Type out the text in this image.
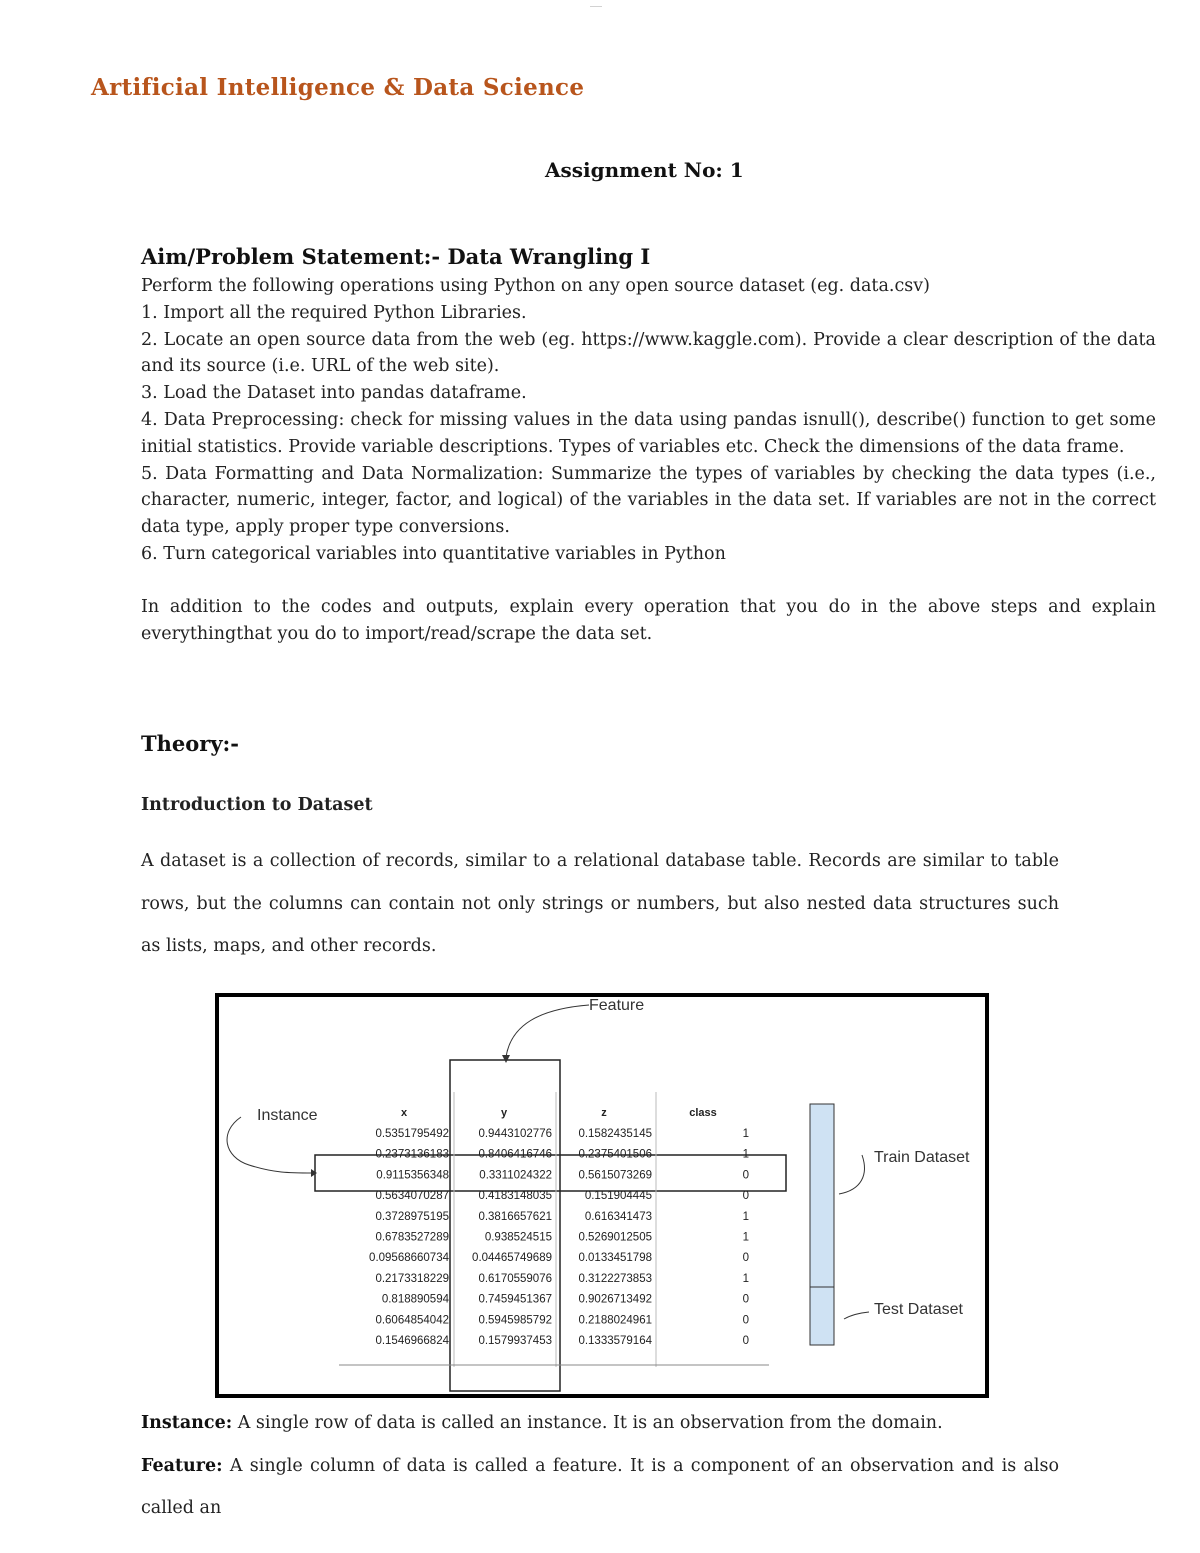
____
Artificial Intelligence & Data Science
Assignment No: 1
Aim/Problem Statement:- Data Wrangling I

Perform the following operations using Python on any open source dataset (eg. data.csv)

1. Import all the required Python Libraries.

2. Locate an open source data from the web (eg. https://www.kaggle.com). Provide a clear description of the data and its source (i.e. URL of the web site).

3. Load the Dataset into pandas dataframe.

4. Data Preprocessing: check for missing values in the data using pandas isnull(), describe() function to get some initial statistics. Provide variable descriptions. Types of variables etc. Check the dimensions of the data frame.

5. Data Formatting and Data Normalization: Summarize the types of variables by checking the data types (i.e., character, numeric, integer, factor, and logical) of the variables in the data set. If variables are not in the correct data type, apply proper type conversions.

6. Turn categorical variables into quantitative variables in Python

In addition to the codes and outputs, explain every operation that you do in the above steps and explain everythingthat you do to import/read/scrape the data set.

Theory:-
Introduction to Dataset
A dataset is a collection of records, similar to a relational database table. Records are similar to table rows, but the columns can contain not only strings or numbers, but also nested data structures such as lists, maps, and other records.
Feature
Instance
Train Dataset
Test Dataset
x	y	z	class
0.5351795492	0.9443102776 0.1582435145	1
0.2373136183	0.8406416746 0.2375401506	1
0.9115356348	0.3311024322 0.5615073269	0
0.5634070287	0.4183148035	0.151904445	0
0.3728975195	0.3816657621	0.616341473	1
0.6783527289	0.938524515 0.5269012505	1
0.09568660734 0.04465749689 0.0133451798	0
0.2173318229	0.6170559076 0.3122273853	1
0.818890594	0.7459451367 0.9026713492	0
0.6064854042	0.5945985792 0.2188024961	0
0.1546966824	0.1579937453 0.1333579164	0

Instance: A single row of data is called an instance. It is an observation from the domain.

Feature: A single column of data is called a feature. It is a component of an observation and is also called an
